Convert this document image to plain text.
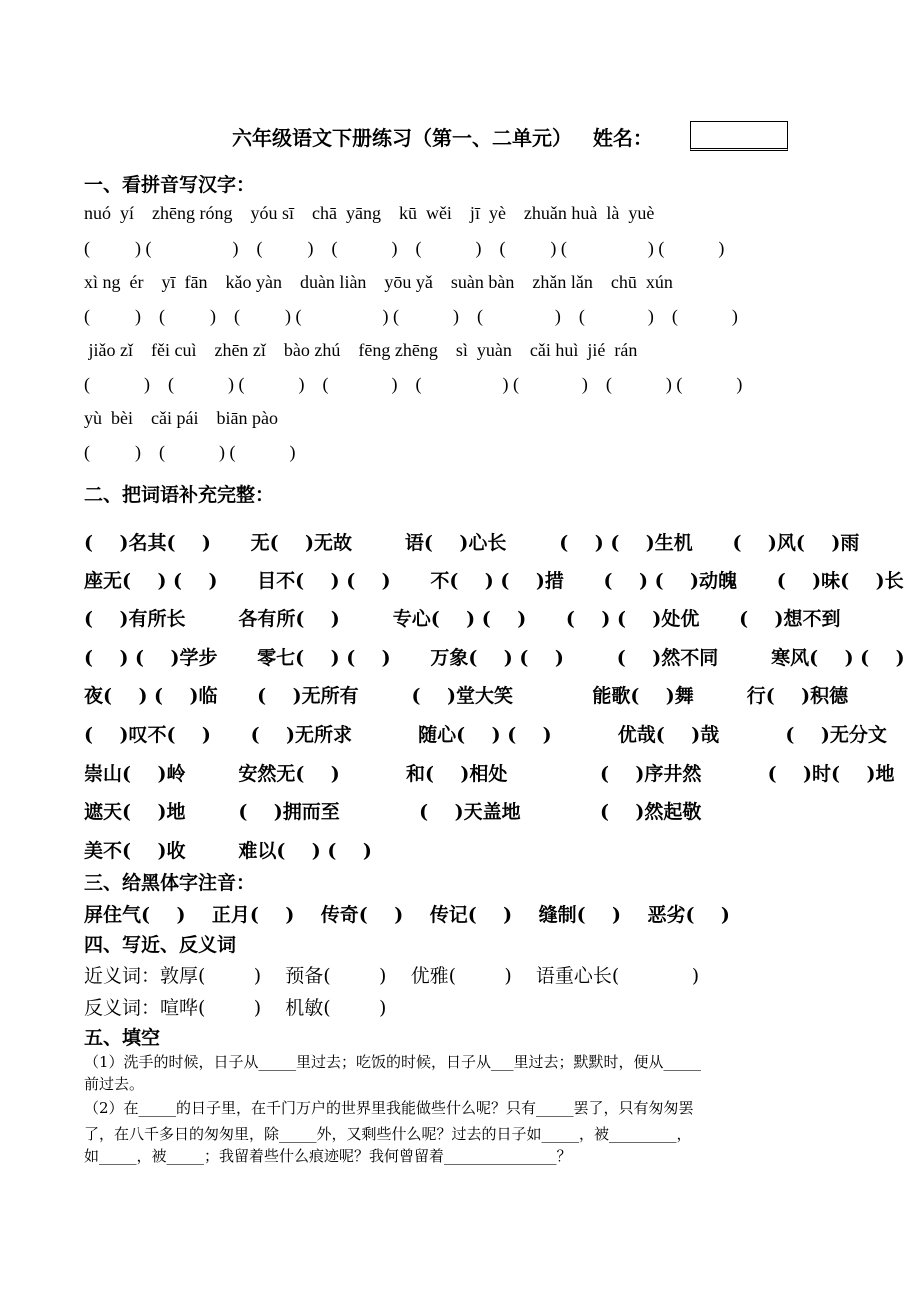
六年级语文下册练习（第一、二单元）   姓名：
一、看拼音写汉字：
nuó  yí    zhēng róng    yóu sī    chā  yāng    kū  wěi    jī  yè    zhuǎn huà  là  yuè
(          ) (                  )    (          )    (            )    (            )    (          ) (                  ) (            )
xì ng  ér    yī  fān    kǎo yàn    duàn liàn    yōu yǎ    suàn bàn    zhǎn lǎn    chū  xún
(          )    (          )    (          ) (                  ) (            )    (                )    (              )    (            )
jiǎo zǐ    fěi cuì    zhēn zǐ    bào zhú    fēng zhēng    sì  yuàn    cǎi huì  jié  rán
(            )    (            ) (            )    (              )    (                  ) (              )    (            ) (            )
yù  bèi    cǎi pái    biān pào
(          )    (            ) (            )
二、把词语补充完整：
(    )名其(    )      无(    )无故        语(    )心长        (    ) (    )生机      (    )风(    )雨
座无(    ) (    )      目不(    ) (    )      不(    ) (    )措      (    ) (    )动魄      (    )味(    )长
(    )有所长        各有所(    )        专心(    ) (    )      (    ) (    )处优      (    )想不到
(    ) (    )学步      零七(    ) (    )      万象(    ) (    )        (    )然不同        寒风(    ) (    )
夜(    ) (    )临      (    )无所有        (    )堂大笑            能歌(    )舞        行(    )积德
(    )叹不(    )      (    )无所求          随心(    ) (    )          优哉(    )哉          (    )无分文
崇山(    )岭        安然无(    )          和(    )相处              (    )序井然          (    )时(    )地
遮天(    )地        (    )拥而至            (    )天盖地            (    )然起敬
美不(    )收        难以(    ) (    )
三、给黑体字注音：
屏住气(    )    正月(    )    传奇(    )    传记(    )    缝制(    )    恶劣(    )
四、写近、反义词
近义词：敦厚(        )    预备(        )    优雅(        )    语重心长(            )
反义词：喧哗(        )    机敏(        )
五、填空
（1）洗手的时候，日子从_____里过去；吃饭的时候，日子从___里过去；默默时，便从_____
前过去。
（2）在_____的日子里，在千门万户的世界里我能做些什么呢？只有_____罢了，只有匆匆罢
了，在八千多日的匆匆里，除_____外，又剩些什么呢？过去的日子如_____，被_________，
如_____，被_____；我留着些什么痕迹呢？我何曾留着_______________？
